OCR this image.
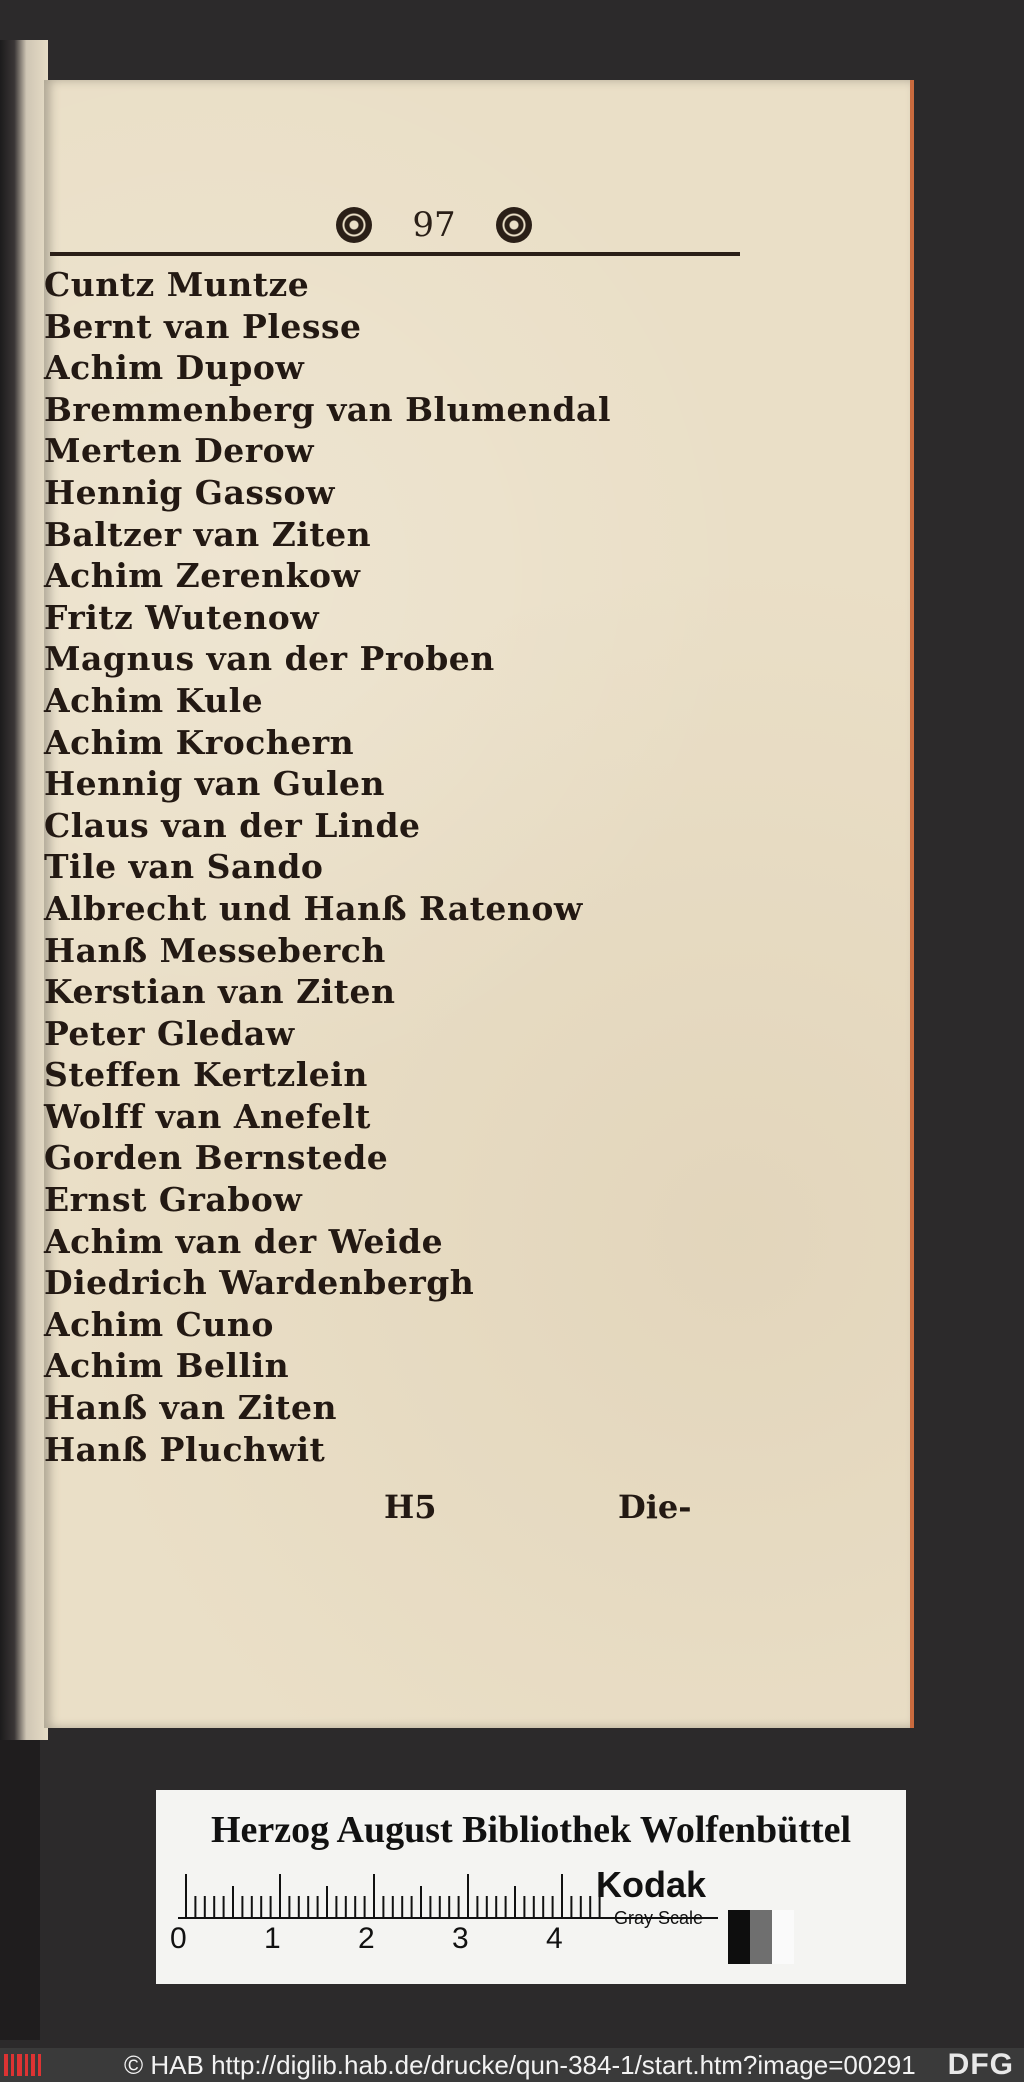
97
Cuntz Muntze
Bernt van Plesse
Achim Dupow
Bremmenberg van Blumendal
Merten Derow
Hennig Gassow
Baltzer van Ziten
Achim Zerenkow
Fritz Wutenow
Magnus van der Proben
Achim Kule
Achim Krochern
Hennig van Gulen
Claus van der Linde
Tile van Sando
Albrecht und Hanß Ratenow
Hanß Messeberch
Kerstian van Ziten
Peter Gledaw
Steffen Kertzlein
Wolff van Anefelt
Gorden Bernstede
Ernst Grabow
Achim van der Weide
Diedrich Wardenbergh
Achim Cuno
Achim Bellin
Hanß van Ziten
Hanß Pluchwit
H5	Die-
Herzog August Bibliothek Wolfenbüttel
0	1	2	3	4
Kodak
Gray Scale
© HAB http://diglib.hab.de/drucke/qun-384-1/start.htm?image=00291 DFG
